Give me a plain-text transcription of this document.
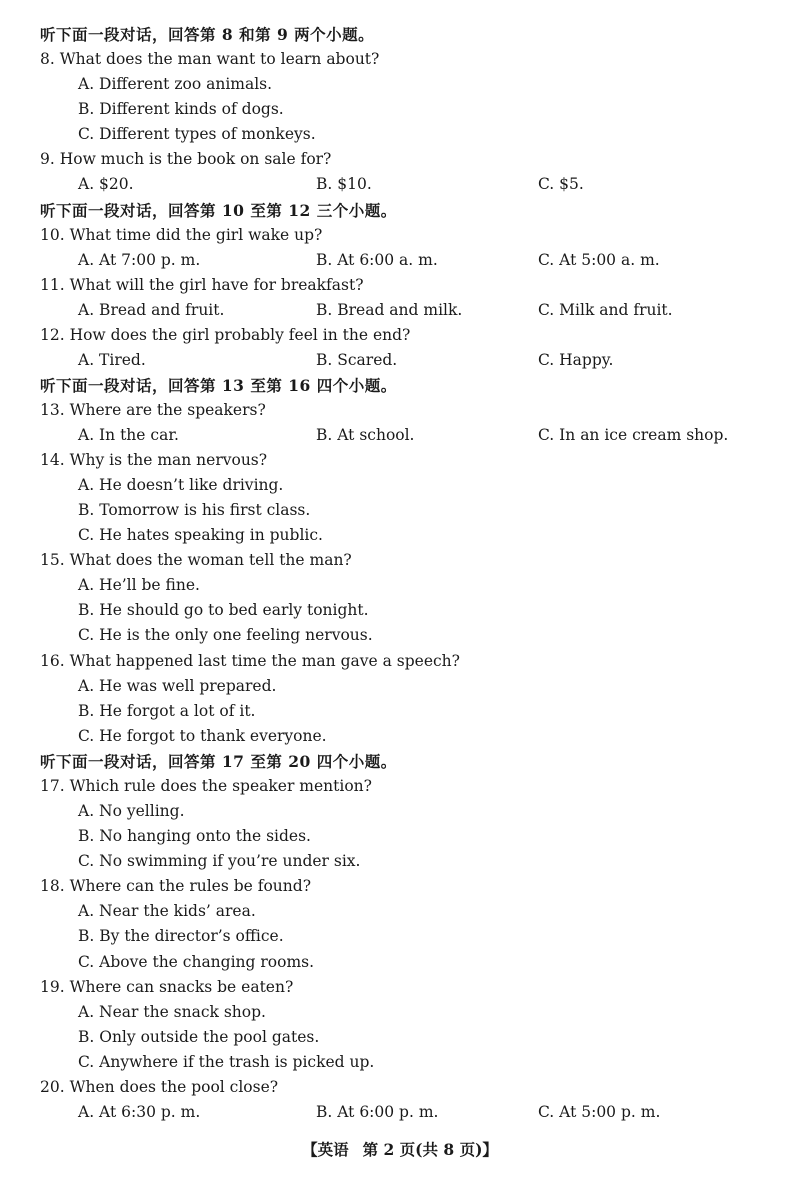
听下面一段对话，回答第 8 和第 9 两个小题。
8. What does the man want to learn about?
A. Different zoo animals.
B. Different kinds of dogs.
C. Different types of monkeys.
9. How much is the book on sale for?
A. $20.	B. $10.	C. $5.
听下面一段对话，回答第 10 至第 12 三个小题。
10. What time did the girl wake up?
A. At 7:00 p. m.	B. At 6:00 a. m.	C. At 5:00 a. m.
11. What will the girl have for breakfast?
A. Bread and fruit.	B. Bread and milk.	C. Milk and fruit.
12. How does the girl probably feel in the end?
A. Tired.	B. Scared.	C. Happy.
听下面一段对话，回答第 13 至第 16 四个小题。
13. Where are the speakers?
A. In the car.	B. At school.	C. In an ice cream shop.
14. Why is the man nervous?
A. He doesn’t like driving.
B. Tomorrow is his first class.
C. He hates speaking in public.
15. What does the woman tell the man?
A. He’ll be fine.
B. He should go to bed early tonight.
C. He is the only one feeling nervous.
16. What happened last time the man gave a speech?
A. He was well prepared.
B. He forgot a lot of it.
C. He forgot to thank everyone.
听下面一段对话，回答第 17 至第 20 四个小题。
17. Which rule does the speaker mention?
A. No yelling.
B. No hanging onto the sides.
C. No swimming if you’re under six.
18. Where can the rules be found?
A. Near the kids’ area.
B. By the director’s office.
C. Above the changing rooms.
19. Where can snacks be eaten?
A. Near the snack shop.
B. Only outside the pool gates.
C. Anywhere if the trash is picked up.
20. When does the pool close?
A. At 6:30 p. m.	B. At 6:00 p. m.	C. At 5:00 p. m.
【英语 第 2 页(共 8 页)】
